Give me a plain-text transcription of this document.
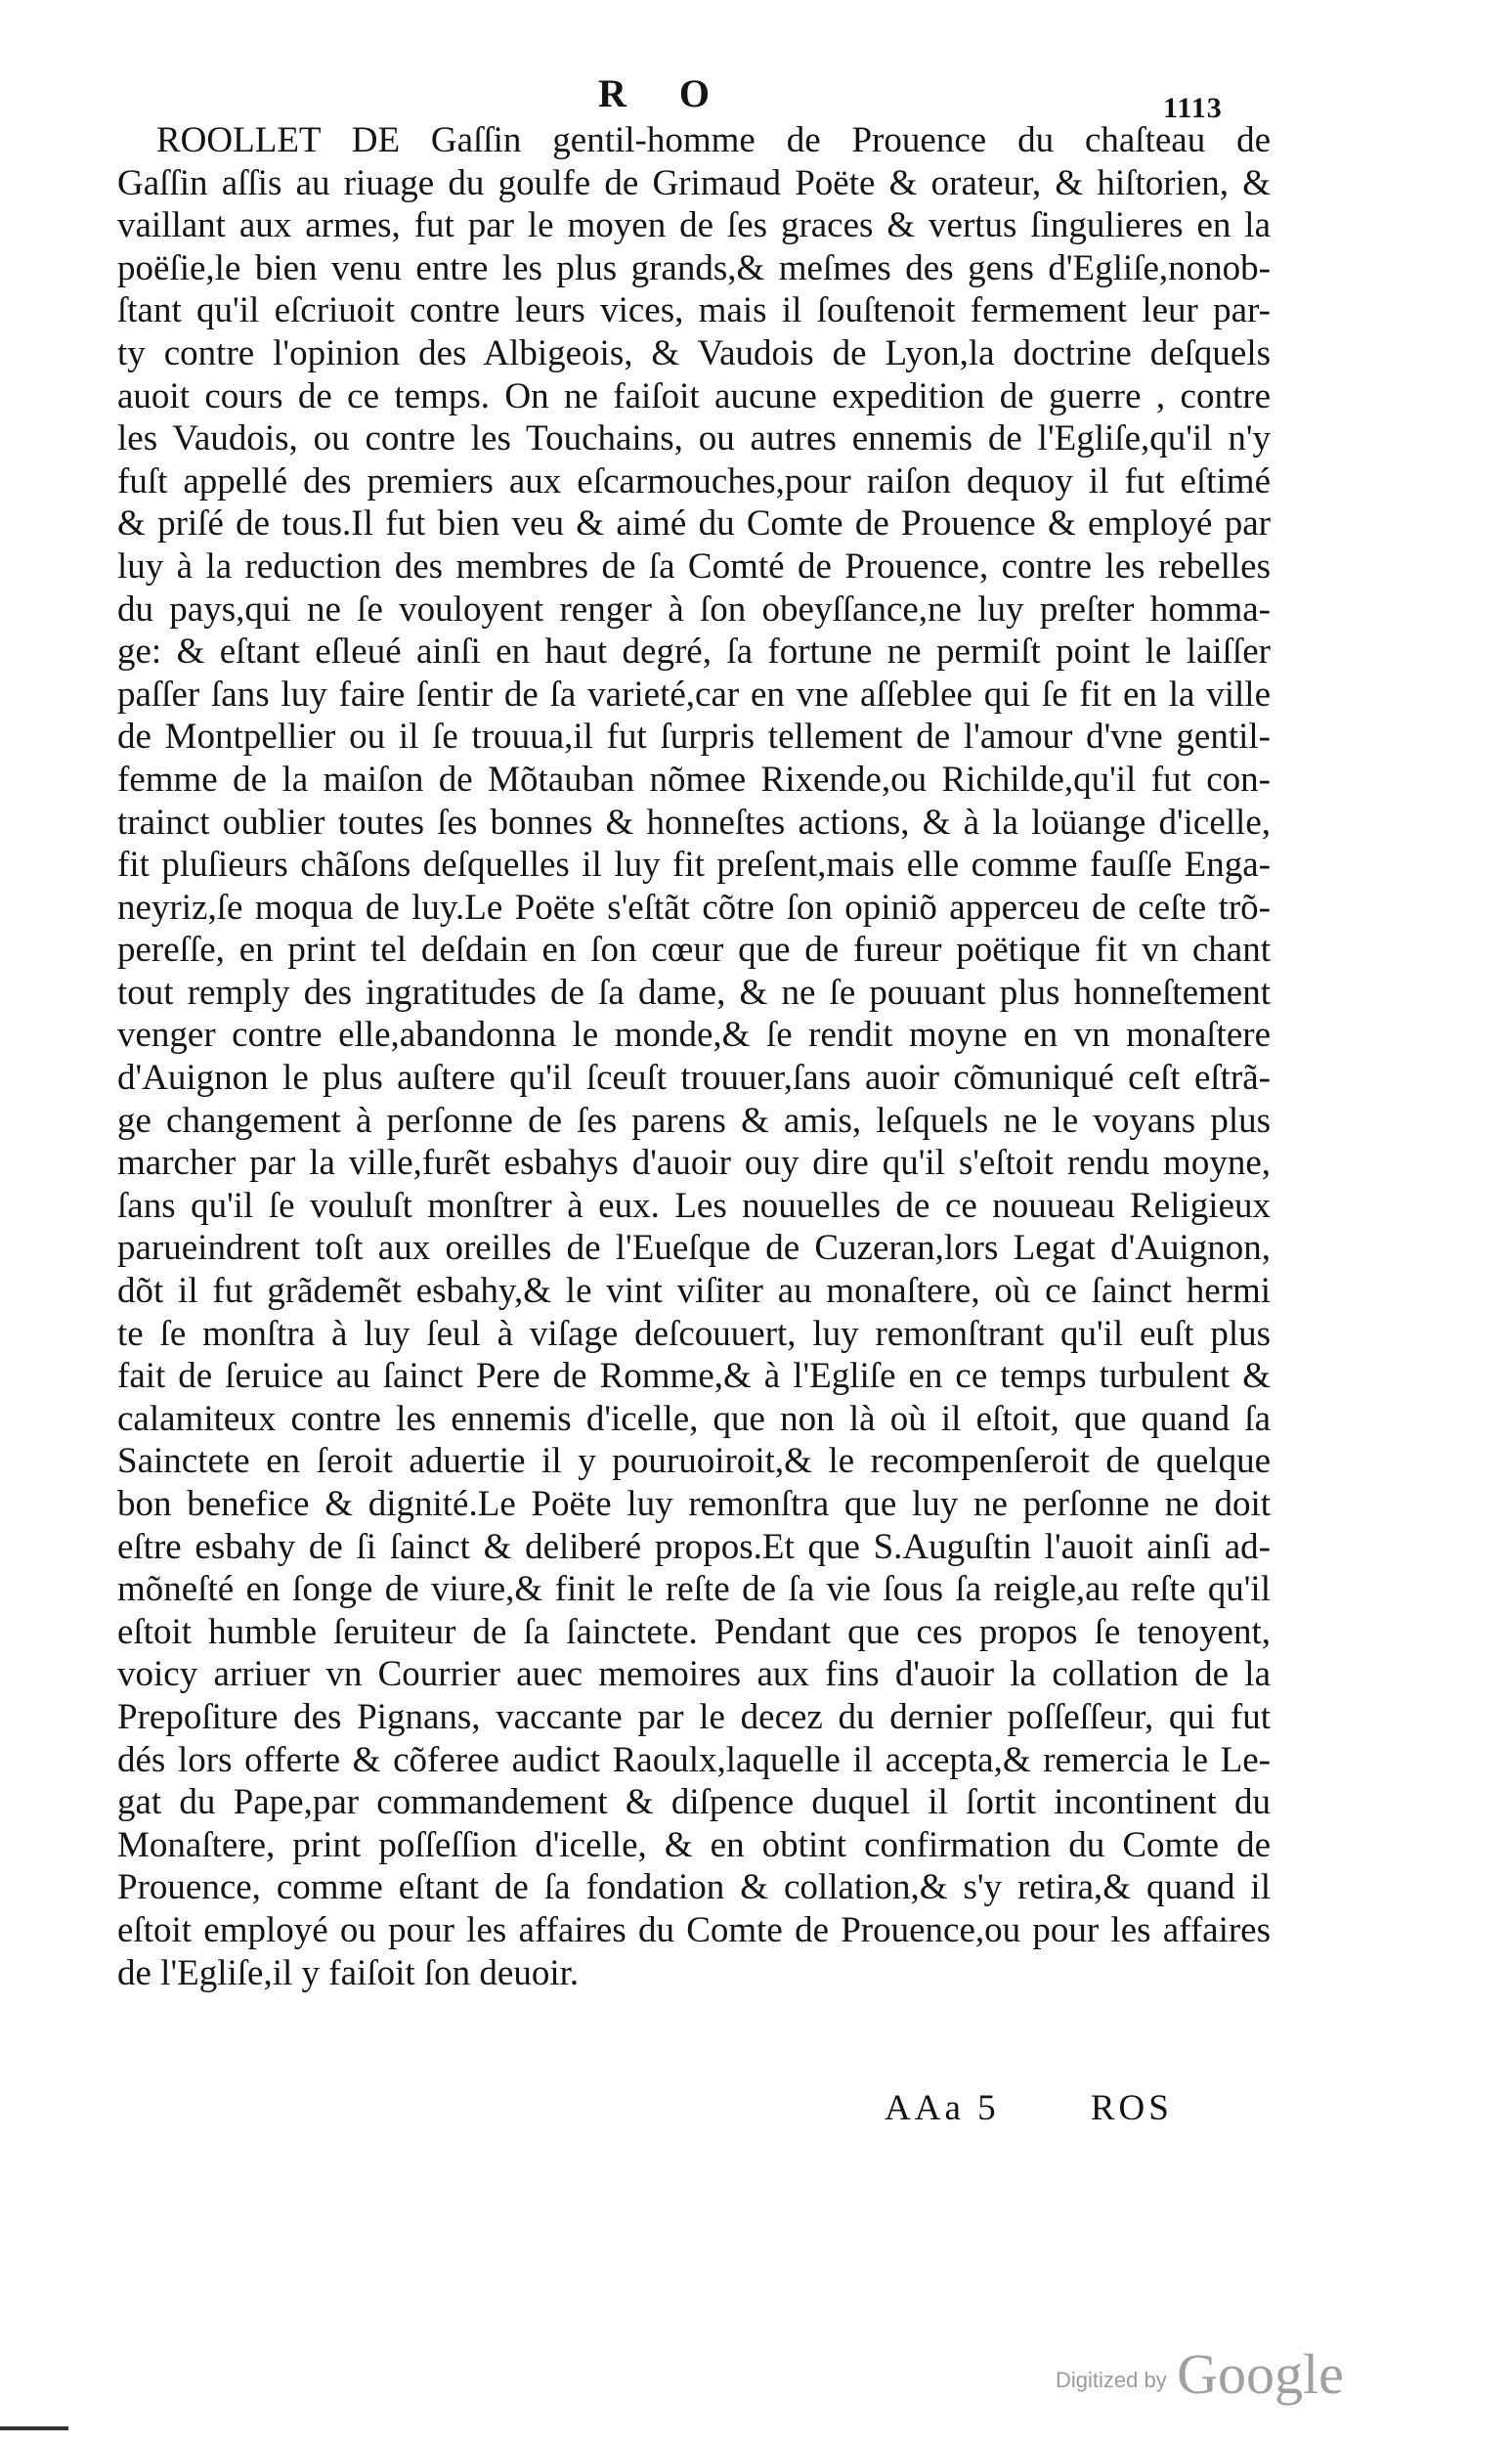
R O	1113
ROOLLET DE Gaſſin gentil-homme de Prouence du chaſteau de
Gaſſin aſſis au riuage du goulfe de Grimaud Poëte & orateur, & hiſtorien, &
vaillant aux armes, fut par le moyen de ſes graces & vertus ſingulieres en la
poëſie,le bien venu entre les plus grands,& meſmes des gens d'Egliſe,nonob-
ſtant qu'il eſcriuoit contre leurs vices, mais il ſouſtenoit fermement leur par-
ty contre l'opinion des Albigeois, & Vaudois de Lyon,la doctrine deſquels
auoit cours de ce temps. On ne faiſoit aucune expedition de guerre , contre
les Vaudois, ou contre les Touchains, ou autres ennemis de l'Egliſe,qu'il n'y
fuſt appellé des premiers aux eſcarmouches,pour raiſon dequoy il fut eſtimé
& priſé de tous.Il fut bien veu & aimé du Comte de Prouence & employé par
luy à la reduction des membres de ſa Comté de Prouence, contre les rebelles
du pays,qui ne ſe vouloyent renger à ſon obeyſſance,ne luy preſter homma-
ge: & eſtant eſleué ainſi en haut degré, ſa fortune ne permiſt point le laiſſer
paſſer ſans luy faire ſentir de ſa varieté,car en vne aſſeblee qui ſe fit en la ville
de Montpellier ou il ſe trouua,il fut ſurpris tellement de l'amour d'vne gentil-
femme de la maiſon de Mõtauban nõmee Rixende,ou Richilde,qu'il fut con-
trainct oublier toutes ſes bonnes & honneſtes actions, & à la loüange d'icelle,
fit pluſieurs chãſons deſquelles il luy fit preſent,mais elle comme fauſſe Enga-
neyriz,ſe moqua de luy.Le Poëte s'eſtãt cõtre ſon opiniõ apperceu de ceſte trõ-
pereſſe, en print tel deſdain en ſon cœur que de fureur poëtique fit vn chant
tout remply des ingratitudes de ſa dame, & ne ſe pouuant plus honneſtement
venger contre elle,abandonna le monde,& ſe rendit moyne en vn monaſtere
d'Auignon le plus auſtere qu'il ſceuſt trouuer,ſans auoir cõmuniqué ceſt eſtrã-
ge changement à perſonne de ſes parens & amis, leſquels ne le voyans plus
marcher par la ville,furẽt esbahys d'auoir ouy dire qu'il s'eſtoit rendu moyne,
ſans qu'il ſe vouluſt monſtrer à eux. Les nouuelles de ce nouueau Religieux
parueindrent toſt aux oreilles de l'Eueſque de Cuzeran,lors Legat d'Auignon,
dõt il fut grãdemẽt esbahy,& le vint viſiter au monaſtere, où ce ſainct hermi
te ſe monſtra à luy ſeul à viſage deſcouuert, luy remonſtrant qu'il euſt plus
fait de ſeruice au ſainct Pere de Romme,& à l'Egliſe en ce temps turbulent &
calamiteux contre les ennemis d'icelle, que non là où il eſtoit, que quand ſa
Sainctete en ſeroit aduertie il y pouruoiroit,& le recompenſeroit de quelque
bon benefice & dignité.Le Poëte luy remonſtra que luy ne perſonne ne doit
eſtre esbahy de ſi ſainct & deliberé propos.Et que S.Auguſtin l'auoit ainſi ad-
mõneſté en ſonge de viure,& finit le reſte de ſa vie ſous ſa reigle,au reſte qu'il
eſtoit humble ſeruiteur de ſa ſainctete. Pendant que ces propos ſe tenoyent,
voicy arriuer vn Courrier auec memoires aux fins d'auoir la collation de la
Prepoſiture des Pignans, vaccante par le decez du dernier poſſeſſeur, qui fut
dés lors offerte & cõferee audict Raoulx,laquelle il accepta,& remercia le Le-
gat du Pape,par commandement & diſpence duquel il ſortit incontinent du
Monaſtere, print poſſeſſion d'icelle, & en obtint confirmation du Comte de
Prouence, comme eſtant de ſa fondation & collation,& s'y retira,& quand il
eſtoit employé ou pour les affaires du Comte de Prouence,ou pour les affaires
de l'Egliſe,il y faiſoit ſon deuoir.
AAa 5	ROS
Digitized by Google
